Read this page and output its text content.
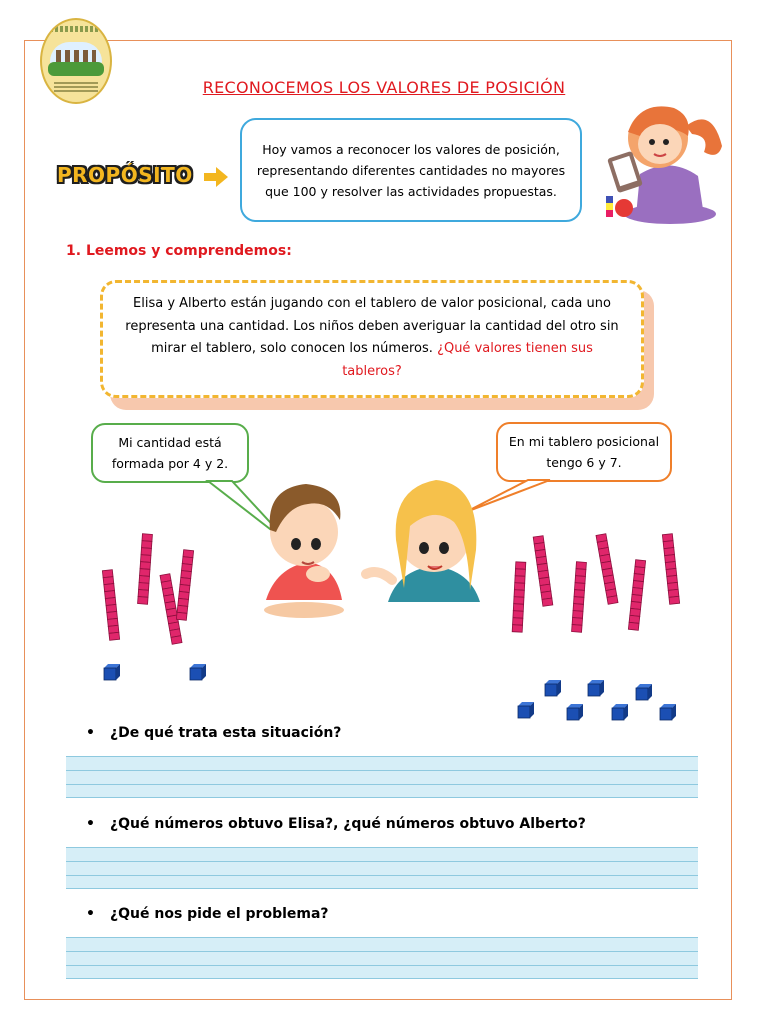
RECONOCEMOS LOS VALORES DE POSICIÓN
PROPÓSITO
Hoy vamos a reconocer los valores de posición, representando diferentes cantidades no mayores que 100 y resolver las actividades propuestas.
1. Leemos y comprendemos:
Elisa y Alberto están jugando con el tablero de valor posicional, cada uno representa una cantidad. Los niños deben averiguar la cantidad del otro sin mirar el tablero, solo conocen los números. ¿Qué valores tienen sus tableros?
Mi cantidad está formada por 4 y 2.
En mi tablero posicional tengo 6 y 7.
• ¿De qué trata esta situación?
• ¿Qué números obtuvo Elisa?, ¿qué números obtuvo Alberto?
• ¿Qué nos pide el problema?
